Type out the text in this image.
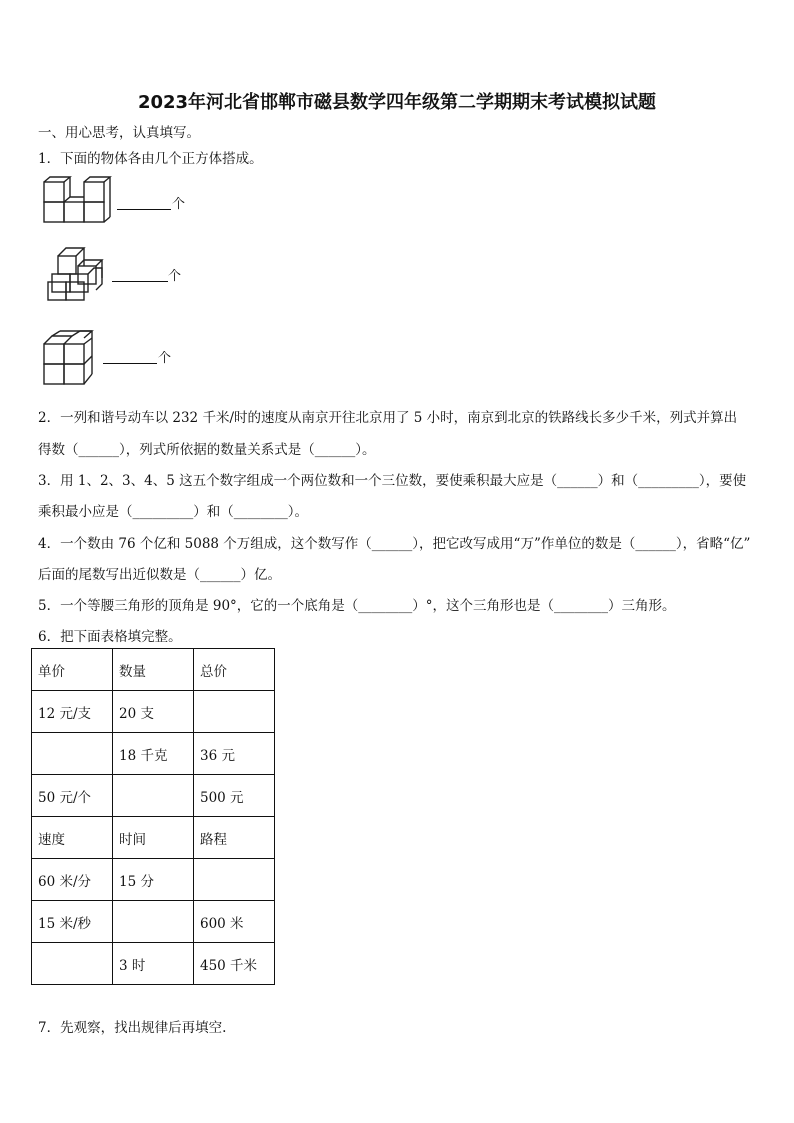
2023年河北省邯郸市磁县数学四年级第二学期期末考试模拟试题
一、用心思考，认真填写。
1．下面的物体各由几个正方体搭成。
个
个
个
2．一列和谐号动车以 232 千米/时的速度从南京开往北京用了 5 小时，南京到北京的铁路线长多少千米，列式并算出
得数（______），列式所依据的数量关系式是（______）。
3．用 1、2、3、4、5 这五个数字组成一个两位数和一个三位数，要使乘积最大应是（______）和（_________），要使
乘积最小应是（_________）和（________）。
4．一个数由 76 个亿和 5088 个万组成，这个数写作（______），把它改写成用“万”作单位的数是（______），省略“亿”
后面的尾数写出近似数是（______）亿。
5．一个等腰三角形的顶角是 90°，它的一个底角是（________）°，这个三角形也是（________）三角形。
6．把下面表格填完整。
单价	数量	总价
12 元/支	20 支	
	18 千克	36 元
50 元/个		500 元
速度	时间	路程
60 米/分	15 分	
15 米/秒		600 米
	3 时	450 千米
7．先观察，找出规律后再填空.
